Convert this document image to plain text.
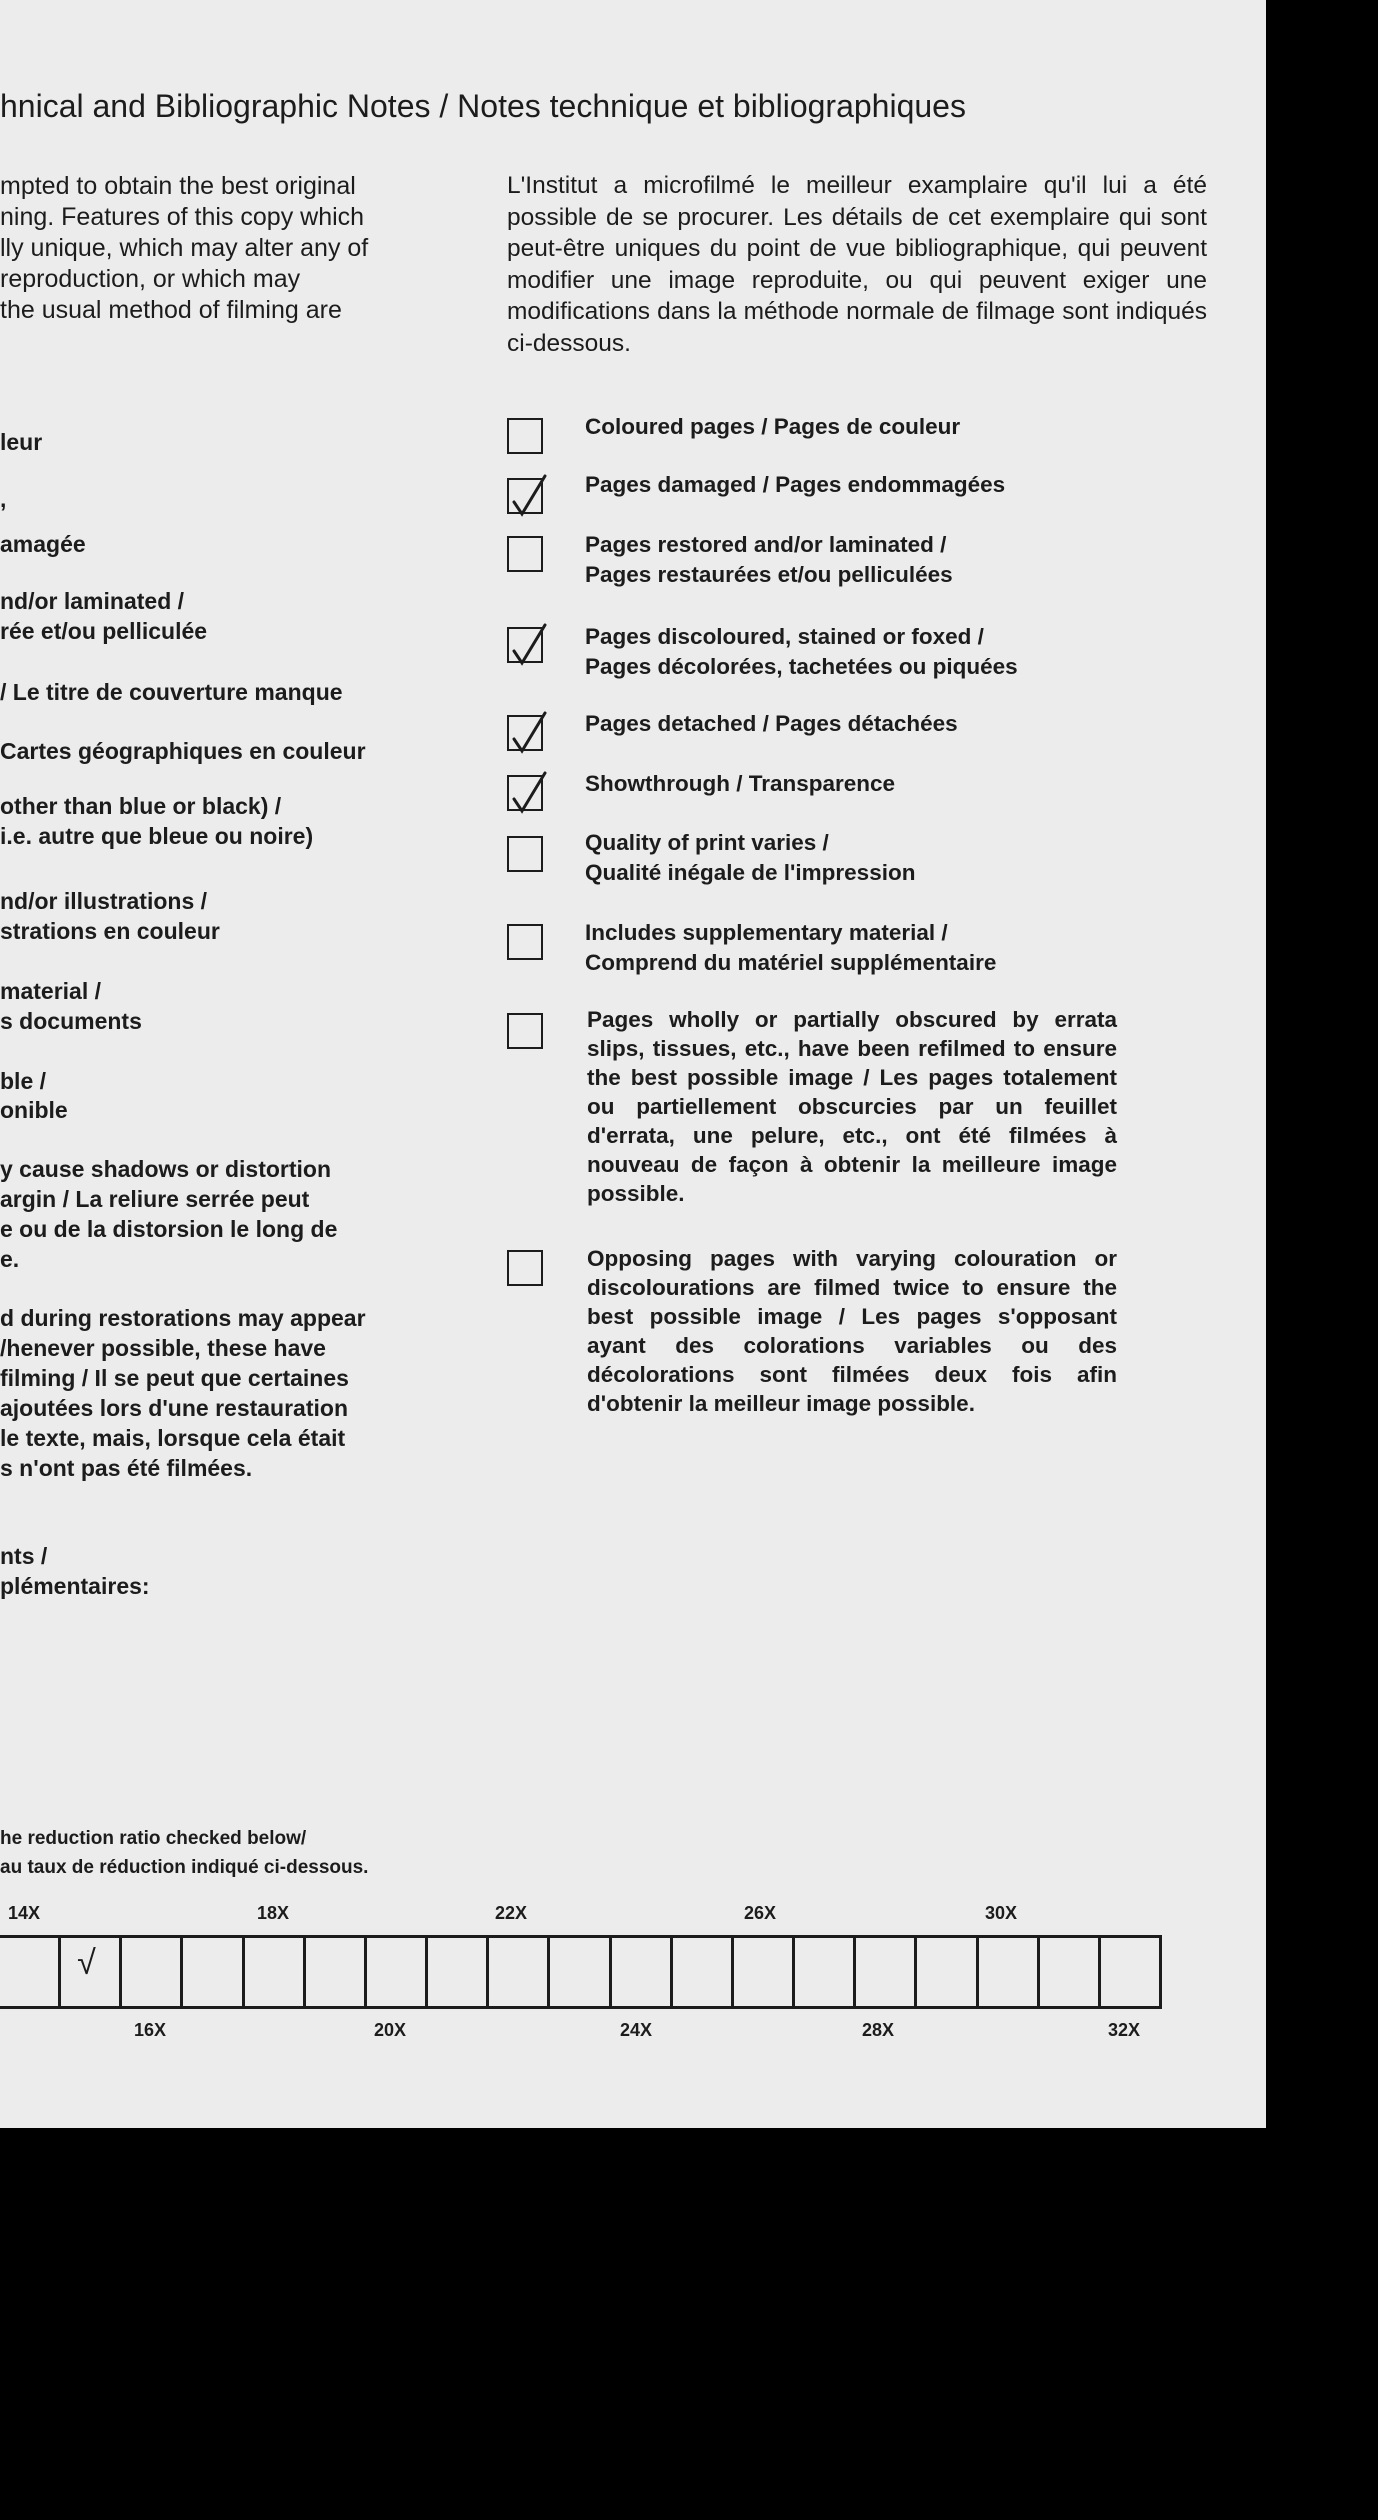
hnical and Bibliographic Notes / Notes technique et bibliographiques
leur
,
amagée
nd/or laminated /
rée et/ou pelliculée
/ Le titre de couverture manque
Cartes géographiques en couleur
other than blue or black) /
i.e. autre que bleue ou noire)
nd/or illustrations /
strations en couleur
material /
s documents
ble /
onible
y cause shadows or distortion
argin / La reliure serrée peut
e ou de la distorsion le long de
e.
d during restorations may appear
/henever possible, these have
filming / Il se peut que certaines
ajoutées lors d'une restauration
le texte, mais, lorsque cela était
s n'ont pas été filmées.
nts /
plémentaires:
mpted to obtain the best original
ning. Features of this copy which
lly unique, which may alter any of
reproduction, or which may
the usual method of filming are

L'Institut a microfilmé le meilleur examplaire qu'il lui a été possible de se procurer. Les détails de cet exemplaire qui sont peut-être uniques du point de vue bibliographique, qui peuvent modifier une image reproduite, ou qui peuvent exiger une modifications dans la méthode normale de filmage sont indiqués ci-dessous.

Coloured pages / Pages de couleur
Pages damaged / Pages endommagées
Pages restored and/or laminated /
Pages restaurées et/ou pelliculées
Pages discoloured, stained or foxed /
Pages décolorées, tachetées ou piquées
Pages detached / Pages détachées
Showthrough / Transparence
Quality of print varies /
Qualité inégale de l'impression
Includes supplementary material /
Comprend du matériel supplémentaire

Pages wholly or partially obscured by errata slips, tissues, etc., have been refilmed to ensure the best possible image / Les pages totalement ou partiellement obscurcies par un feuillet d'errata, une pelure, etc., ont été filmées à nouveau de façon à obtenir la meilleure image possible.

Opposing pages with varying colouration or discolourations are filmed twice to ensure the best possible image / Les pages s'opposant ayant des colorations variables ou des décolorations sont filmées deux fois afin d'obtenir la meilleur image possible.

he reduction ratio checked below/
au taux de réduction indiqué ci-dessous.
14X	18X	22X	26X	30X
16X	20X	24X	28X	32X
√
